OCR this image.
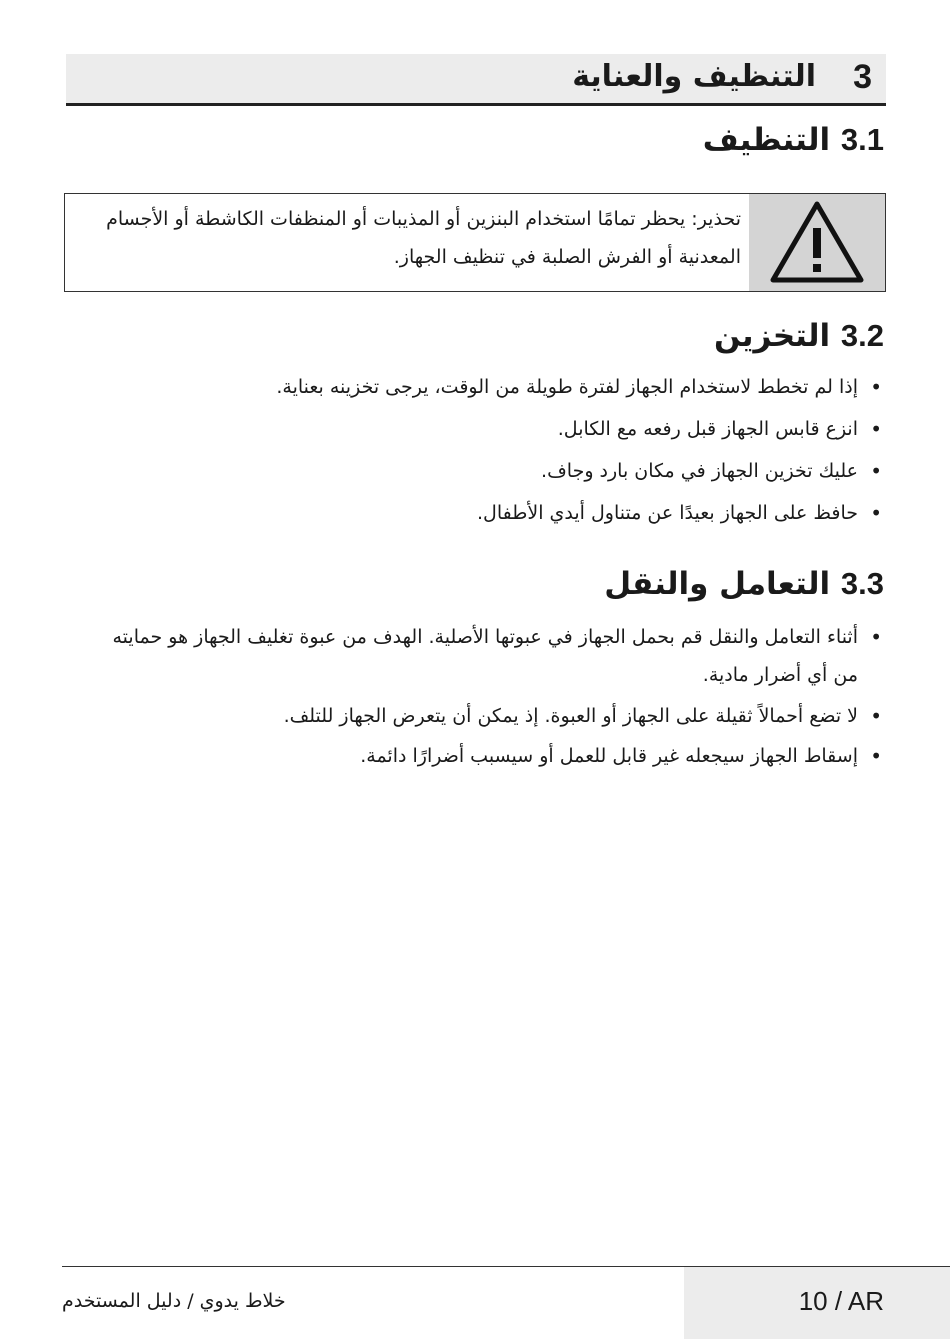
3
التنظيف والعناية
3.1 التنظيف
تحذير: يحظر تمامًا استخدام البنزين أو المذيبات أو المنظفات الكاشطة أو الأجسام
المعدنية أو الفرش الصلبة في تنظيف الجهاز.
3.2 التخزين
•
إذا لم تخطط لاستخدام الجهاز لفترة طويلة من الوقت، يرجى تخزينه بعناية.
•
انزع قابس الجهاز قبل رفعه مع الكابل.
•
عليك تخزين الجهاز في مكان بارد وجاف.
•
حافظ على الجهاز بعيدًا عن متناول أيدي الأطفال.
3.3 التعامل والنقل
•
أثناء التعامل والنقل قم بحمل الجهاز في عبوتها الأصلية. الهدف من عبوة تغليف الجهاز هو حمايته
من أي أضرار مادية.
•
لا تضع أحمالاً ثقيلة على الجهاز أو العبوة. إذ يمكن أن يتعرض الجهاز للتلف.
•
إسقاط الجهاز سيجعله غير قابل للعمل أو سيسبب أضرارًا دائمة.
10 / AR
خلاط يدوي / دليل المستخدم
